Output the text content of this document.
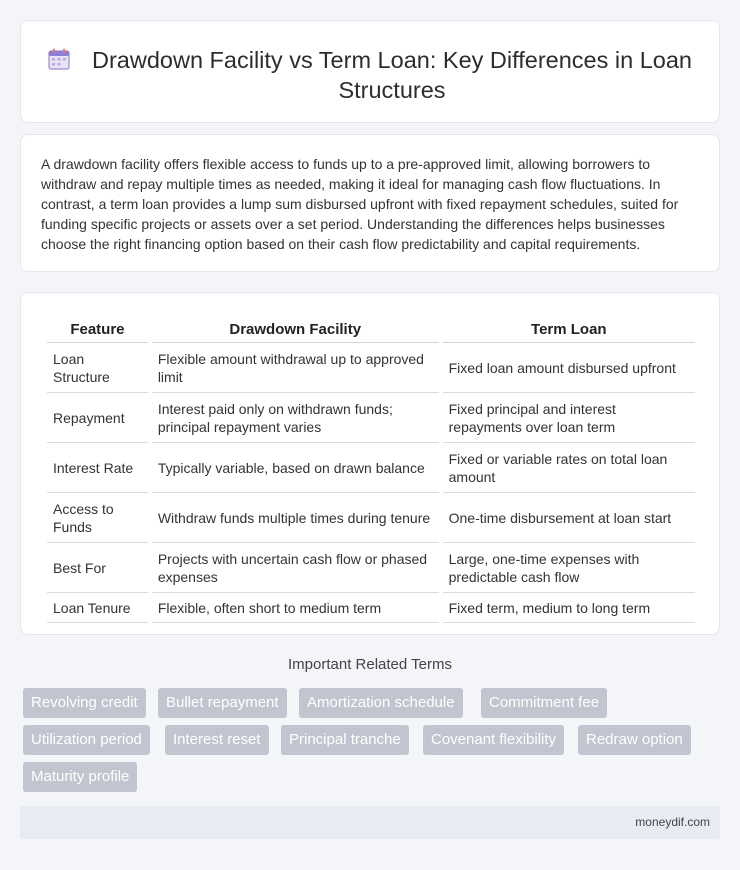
Drawdown Facility vs Term Loan: Key Differences in Loan Structures

A drawdown facility offers flexible access to funds up to a pre-approved limit, allowing borrowers to withdraw and repay multiple times as needed, making it ideal for managing cash flow fluctuations. In contrast, a term loan provides a lump sum disbursed upfront with fixed repayment schedules, suited for funding specific projects or assets over a set period. Understanding the differences helps businesses choose the right financing option based on their cash flow predictability and capital requirements.

Feature	Drawdown Facility	Term Loan
Loan Structure	Flexible amount withdrawal up to approved limit	Fixed loan amount disbursed upfront
Repayment	Interest paid only on withdrawn funds; principal repayment varies	Fixed principal and interest repayments over loan term
Interest Rate	Typically variable, based on drawn balance	Fixed or variable rates on total loan amount
Access to Funds	Withdraw funds multiple times during tenure	One-time disbursement at loan start
Best For	Projects with uncertain cash flow or phased expenses	Large, one-time expenses with predictable cash flow
Loan Tenure	Flexible, often short to medium term	Fixed term, medium to long term
Important Related Terms
Revolving credit	Bullet repayment	Amortization schedule	Commitment fee
Utilization period	Interest reset	Principal tranche	Covenant flexibility	Redraw option
Maturity profile
moneydif.com
